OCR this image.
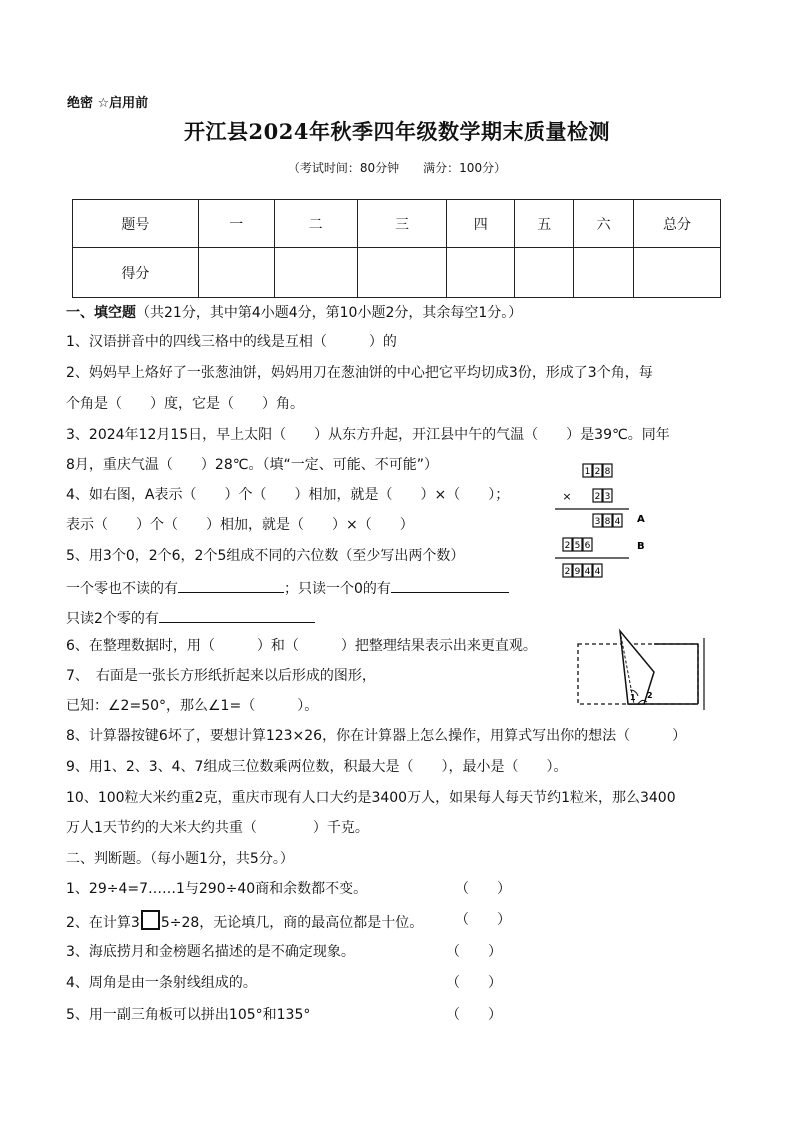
绝密 ☆启用前
开江县2024年秋季四年级数学期末质量检测
（考试时间：80分钟　　满分：100分）
题号	一	二	三	四	五	六	总分
得分							
一、填空题（共21分，其中第4小题4分，第10小题2分，其余每空1分。）
1、汉语拼音中的四线三格中的线是互相（　　　）的
2、妈妈早上烙好了一张葱油饼，妈妈用刀在葱油饼的中心把它平均切成3份，形成了3个角，每
个角是（　　）度，它是（　　）角。
3、2024年12月15日，早上太阳（　　）从东方升起，开江县中午的气温（　　）是39℃。同年
8月，重庆气温（　　）28℃。（填“一定、可能、不可能”）
4、如右图，A表示（　　）个（　　）相加，就是（　　）×（　　）；
表示（　　）个（　　）相加，就是（　　）×（　　）
5、用3个0，2个6，2个5组成不同的六位数（至少写出两个数）
一个零也不读的有	；只读一个0的有
只读2个零的有
6、在整理数据时，用（　　　）和（　　　）把整理结果表示出来更直观。
7、　右面是一张长方形纸折起来以后形成的图形，
已知：∠2=50°，那么∠1=（　　　）。
8、计算器按键6坏了，要想计算123×26，你在计算器上怎么操作，用算式写出你的想法（　　　）
9、用1、2、3、4、7组成三位数乘两位数，积最大是（　　），最小是（　　）。
10、100粒大米约重2克，重庆市现有人口大约是3400万人，如果每人每天节约1粒米，那么3400
万人1天节约的大米大约共重（　　　　）千克。
二、判断题。（每小题1分，共5分。）
1、29÷4=7……1与290÷40商和余数都不变。	（　　）
2、在计算3 5÷28，无论填几，商的最高位都是十位。 （　　）
3、海底捞月和金榜题名描述的是不确定现象。	（　　）
4、周角是由一条射线组成的。	（　　）
5、用一副三角板可以拼出105°和135°	（　　）
1 2 8
×	2 3
3 8 4 A
2 5 6	B
2 9 4 4
1 2
